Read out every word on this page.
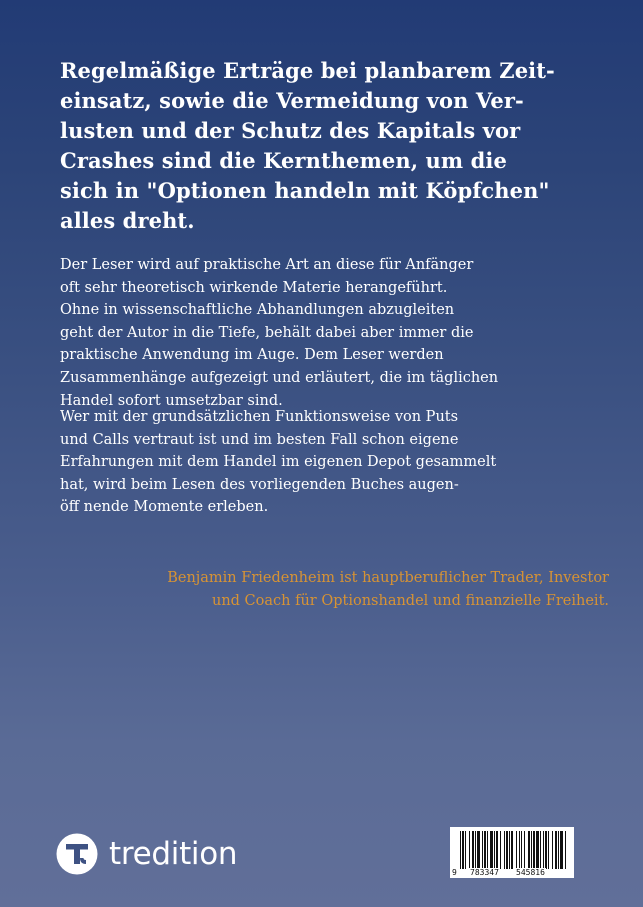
Regelmäßige Erträge bei planbarem Zeit-
einsatz, sowie die Vermeidung von Ver-
lusten und der Schutz des Kapitals vor
Crashes sind die Kernthemen, um die
sich in "Optionen handeln mit Köpfchen"
alles dreht.
Der Leser wird auf praktische Art an diese für Anfänger
oft sehr theoretisch wirkende Materie herangeführt.
Ohne in wissenschaftliche Abhandlungen abzugleiten
geht der Autor in die Tiefe, behält dabei aber immer die
praktische Anwendung im Auge. Dem Leser werden
Zusammenhänge aufgezeigt und erläutert, die im täglichen
Handel sofort umsetzbar sind.
Wer mit der grundsätzlichen Funktionsweise von Puts
und Calls vertraut ist und im besten Fall schon eigene
Erfahrungen mit dem Handel im eigenen Depot gesammelt
hat, wird beim Lesen des vorliegenden Buches augen-
öff nende Momente erleben.
Benjamin Friedenheim ist hauptberuflicher Trader, Investor
und Coach für Optionshandel und finanzielle Freiheit.
tredition
9 783347 545816
